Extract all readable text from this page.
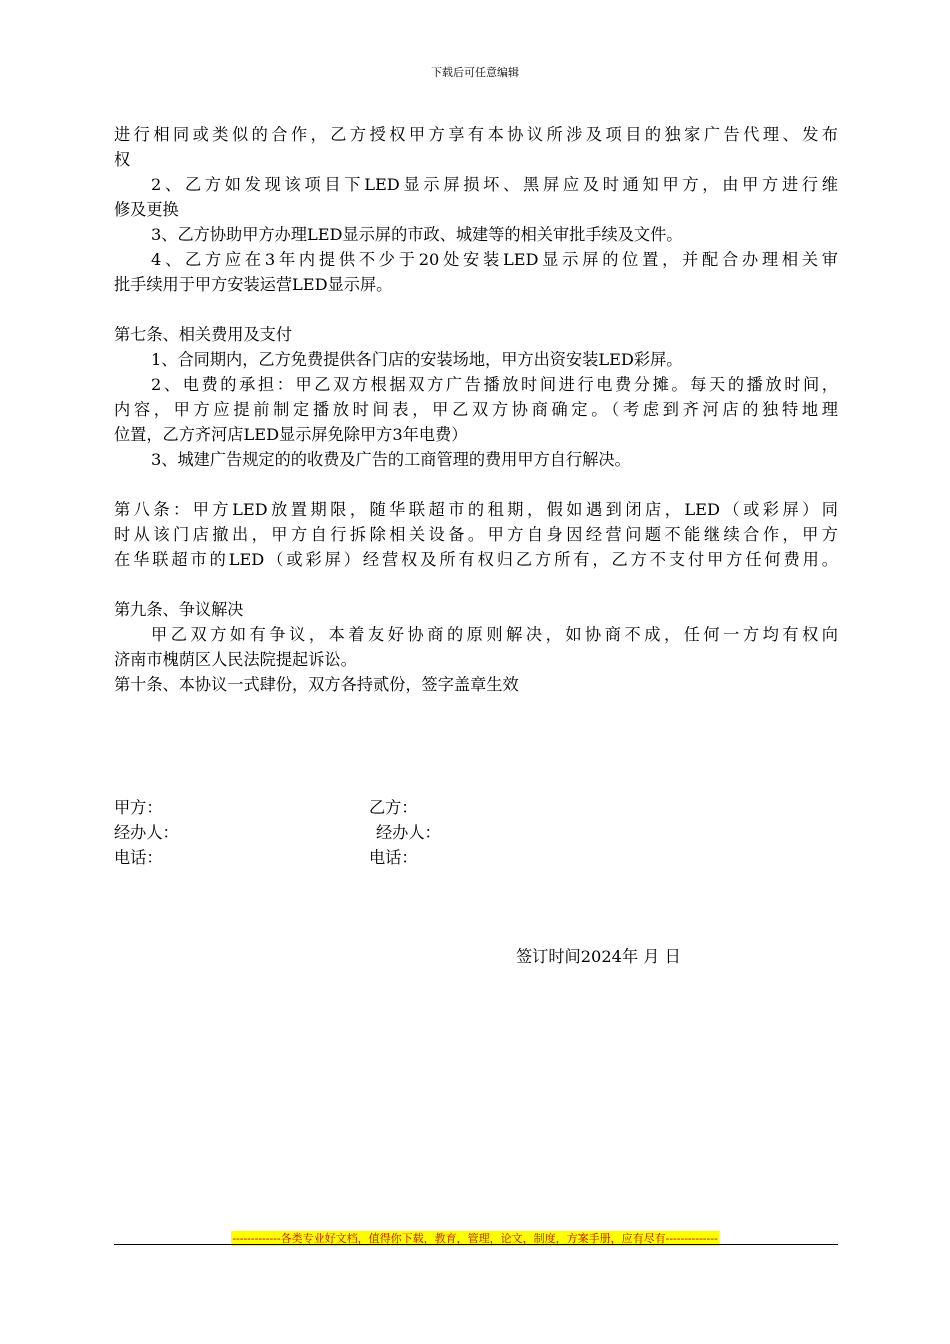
下载后可任意编辑
进行相同或类似的合作，乙方授权甲方享有本协议所涉及项目的独家广告代理、发布
权
2、乙方如发现该项目下LED显示屏损坏、黑屏应及时通知甲方，由甲方进行维
修及更换
3、乙方协助甲方办理LED显示屏的市政、城建等的相关审批手续及文件。
4、乙方应在3年内提供不少于20处安装LED显示屏的位置，并配合办理相关审
批手续用于甲方安装运营LED显示屏。
第七条、相关费用及支付
1、合同期内，乙方免费提供各门店的安装场地，甲方出资安装LED彩屏。
2、电费的承担：甲乙双方根据双方广告播放时间进行电费分摊。每天的播放时间，
内容，甲方应提前制定播放时间表，甲乙双方协商确定。（考虑到齐河店的独特地理
位置，乙方齐河店LED显示屏免除甲方3年电费）
3、城建广告规定的的收费及广告的工商管理的费用甲方自行解决。
第八条：甲方LED放置期限，随华联超市的租期，假如遇到闭店，LED（或彩屏）同
时从该门店撤出，甲方自行拆除相关设备。甲方自身因经营问题不能继续合作，甲方
在华联超市的LED（或彩屏）经营权及所有权归乙方所有，乙方不支付甲方任何费用。
第九条、争议解决
甲乙双方如有争议，本着友好协商的原则解决，如协商不成，任何一方均有权向
济南市槐荫区人民法院提起诉讼。
第十条、本协议一式肆份，双方各持贰份，签字盖章生效
甲方：	乙方：
经办人：	经办人：
电话：	电话：
签订时间2024年 月 日
-------------各类专业好文档，值得你下载，教育，管理，论文，制度，方案手册，应有尽有--------------
